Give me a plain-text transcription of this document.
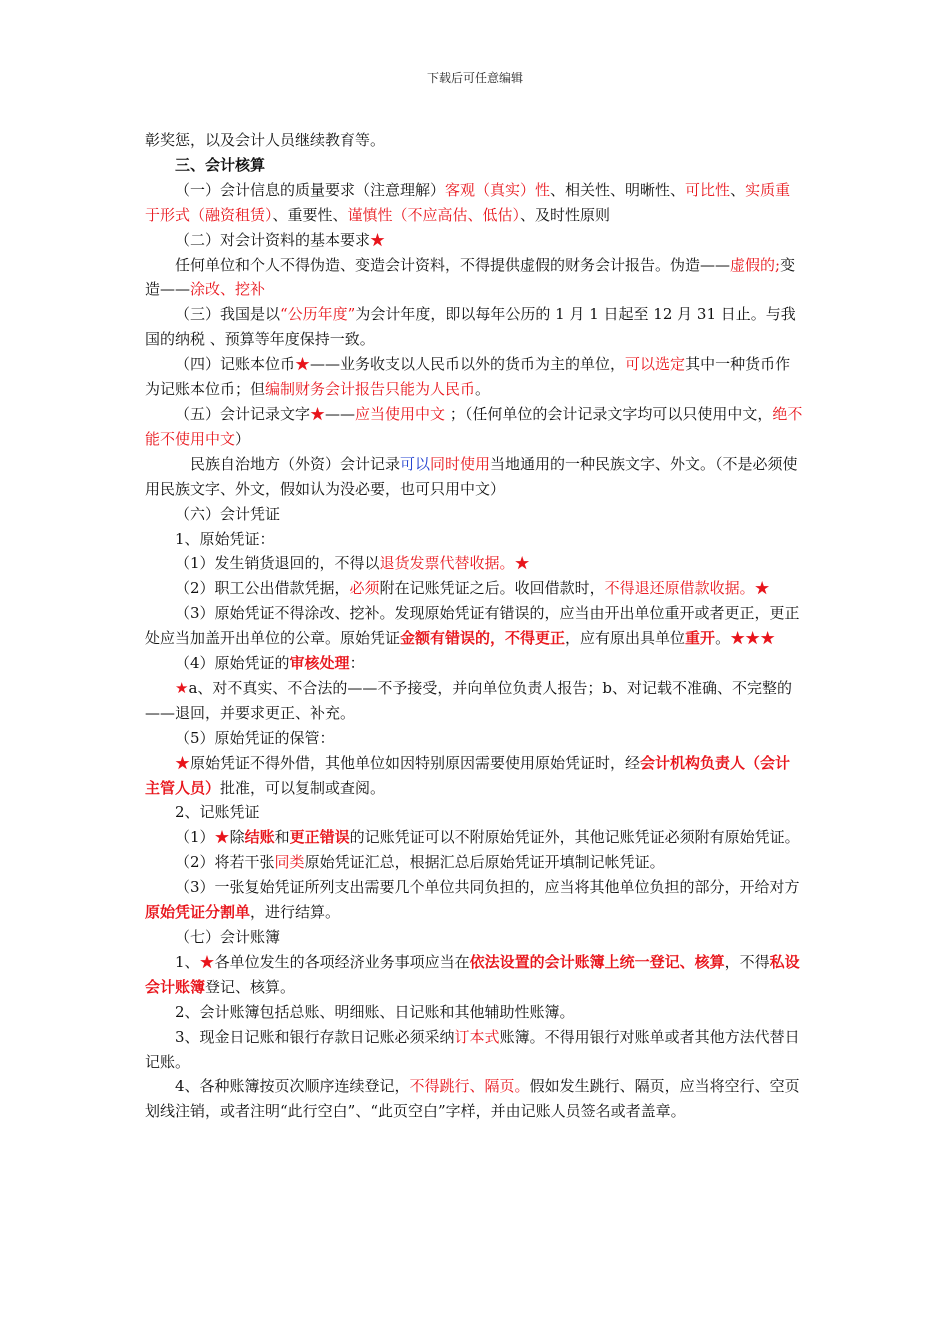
下载后可任意编辑

彰奖惩，以及会计人员继续教育等。

三、会计核算

（一）会计信息的质量要求（注意理解）客观（真实）性、相关性、明晰性、可比性、实质重于形式（融资租赁）、重要性、谨慎性（不应高估、低估）、及时性原则

（二）对会计资料的基本要求★

任何单位和个人不得伪造、变造会计资料，不得提供虚假的财务会计报告。伪造——虚假的;变造——涂改、挖补

（三）我国是以“公历年度”为会计年度，即以每年公历的 1 月 1 日起至 12 月 31 日止。与我国的纳税 、预算等年度保持一致。

（四）记账本位币★——业务收支以人民币以外的货币为主的单位，可以选定其中一种货币作为记账本位币；但编制财务会计报告只能为人民币。

（五）会计记录文字★——应当使用中文 ；（任何单位的会计记录文字均可以只使用中文，绝不能不使用中文）

民族自治地方（外资）会计记录可以同时使用当地通用的一种民族文字、外文。（不是必须使用民族文字、外文，假如认为没必要，也可只用中文）

（六）会计凭证

1、原始凭证：

（1）发生销货退回的，不得以退货发票代替收据。★

（2）职工公出借款凭据，必须附在记账凭证之后。收回借款时，不得退还原借款收据。★

（3）原始凭证不得涂改、挖补。发现原始凭证有错误的，应当由开出单位重开或者更正，更正处应当加盖开出单位的公章。原始凭证金额有错误的，不得更正，应有原出具单位重开。★★★

（4）原始凭证的审核处理：

★a、对不真实、不合法的——不予接受，并向单位负责人报告；b、对记载不准确、不完整的——退回，并要求更正、补充。

（5）原始凭证的保管：

★原始凭证不得外借，其他单位如因特别原因需要使用原始凭证时，经会计机构负责人（会计主管人员）批准，可以复制或查阅。

2、记账凭证

（1）★除结账和更正错误的记账凭证可以不附原始凭证外，其他记账凭证必须附有原始凭证。

（2）将若干张同类原始凭证汇总，根据汇总后原始凭证开填制记帐凭证。

（3）一张复始凭证所列支出需要几个单位共同负担的，应当将其他单位负担的部分，开给对方原始凭证分割单，进行结算。

（七）会计账簿

1、★各单位发生的各项经济业务事项应当在依法设置的会计账簿上统一登记、核算，不得私设会计账簿登记、核算。

2、会计账簿包括总账、明细账、日记账和其他辅助性账簿。

3、现金日记账和银行存款日记账必须采纳订本式账簿。不得用银行对账单或者其他方法代替日记账。

4、各种账簿按页次顺序连续登记，不得跳行、隔页。假如发生跳行、隔页，应当将空行、空页划线注销，或者注明“此行空白”、“此页空白”字样，并由记账人员签名或者盖章。
